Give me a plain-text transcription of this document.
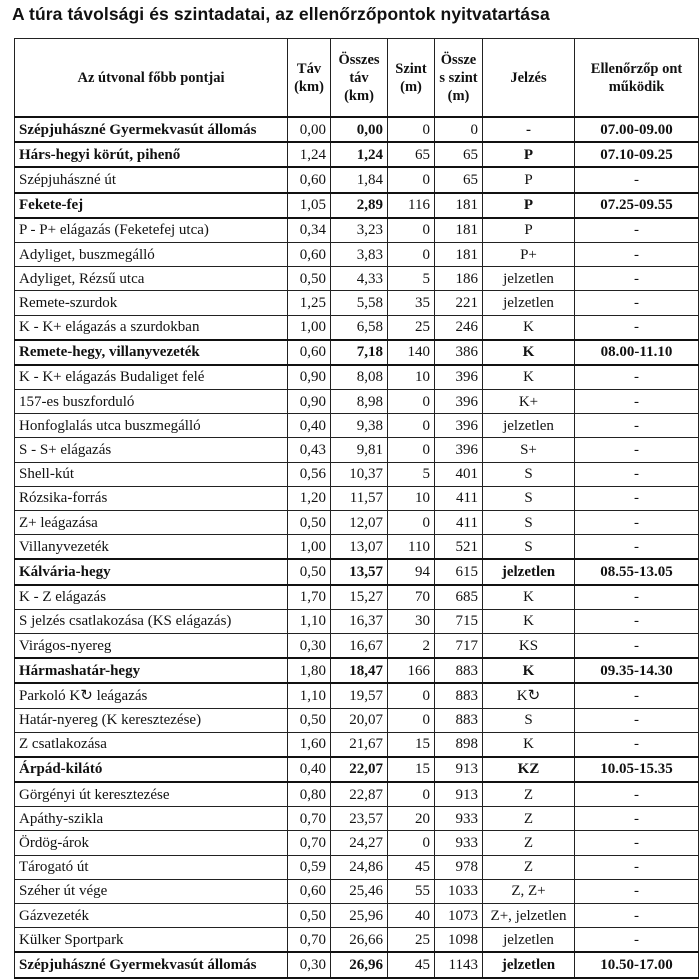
A túra távolsági és szintadatai, az ellenőrzőpontok nyitvatartása
Az útvonal főbb pontjai	Táv (km)	Összes táv (km)	Szint (m)	Össze s szint (m)	Jelzés	Ellenőrzőp ont működik
Szépjuhászné Gyermekvasút állomás	0,00	0,00	0	0	-	07.00-09.00
Hárs-hegyi körút, pihenő	1,24	1,24	65	65	P	07.10-09.25
Szépjuhászné út	0,60	1,84	0	65	P	-
Fekete-fej	1,05	2,89	116	181	P	07.25-09.55
P - P+ elágazás (Feketefej utca)	0,34	3,23	0	181	P	-
Adyliget, buszmegálló	0,60	3,83	0	181	P+	-
Adyliget, Rézsű utca	0,50	4,33	5	186	jelzetlen	-
Remete-szurdok	1,25	5,58	35	221	jelzetlen	-
K - K+ elágazás a szurdokban	1,00	6,58	25	246	K	-
Remete-hegy, villanyvezeték	0,60	7,18	140	386	K	08.00-11.10
K - K+ elágazás Budaliget felé	0,90	8,08	10	396	K	-
157-es buszforduló	0,90	8,98	0	396	K+	-
Honfoglalás utca buszmegálló	0,40	9,38	0	396	jelzetlen	-
S - S+ elágazás	0,43	9,81	0	396	S+	-
Shell-kút	0,56	10,37	5	401	S	-
Rózsika-forrás	1,20	11,57	10	411	S	-
Z+ leágazása	0,50	12,07	0	411	S	-
Villanyvezeték	1,00	13,07	110	521	S	-
Kálvária-hegy	0,50	13,57	94	615	jelzetlen	08.55-13.05
K - Z elágazás	1,70	15,27	70	685	K	-
S jelzés csatlakozása (KS elágazás)	1,10	16,37	30	715	K	-
Virágos-nyereg	0,30	16,67	2	717	KS	-
Hármashatár-hegy	1,80	18,47	166	883	K	09.35-14.30
Parkoló K↻ leágazás	1,10	19,57	0	883	K↻	-
Határ-nyereg (K keresztezése)	0,50	20,07	0	883	S	-
Z csatlakozása	1,60	21,67	15	898	K	-
Árpád-kilátó	0,40	22,07	15	913	KZ	10.05-15.35
Görgényi út keresztezése	0,80	22,87	0	913	Z	-
Apáthy-szikla	0,70	23,57	20	933	Z	-
Ördög-árok	0,70	24,27	0	933	Z	-
Tárogató út	0,59	24,86	45	978	Z	-
Széher út vége	0,60	25,46	55	1033	Z, Z+	-
Gázvezeték	0,50	25,96	40	1073	Z+, jelzetlen	-
Külker Sportpark	0,70	26,66	25	1098	jelzetlen	-
Szépjuhászné Gyermekvasút állomás	0,30	26,96	45	1143	jelzetlen	10.50-17.00
